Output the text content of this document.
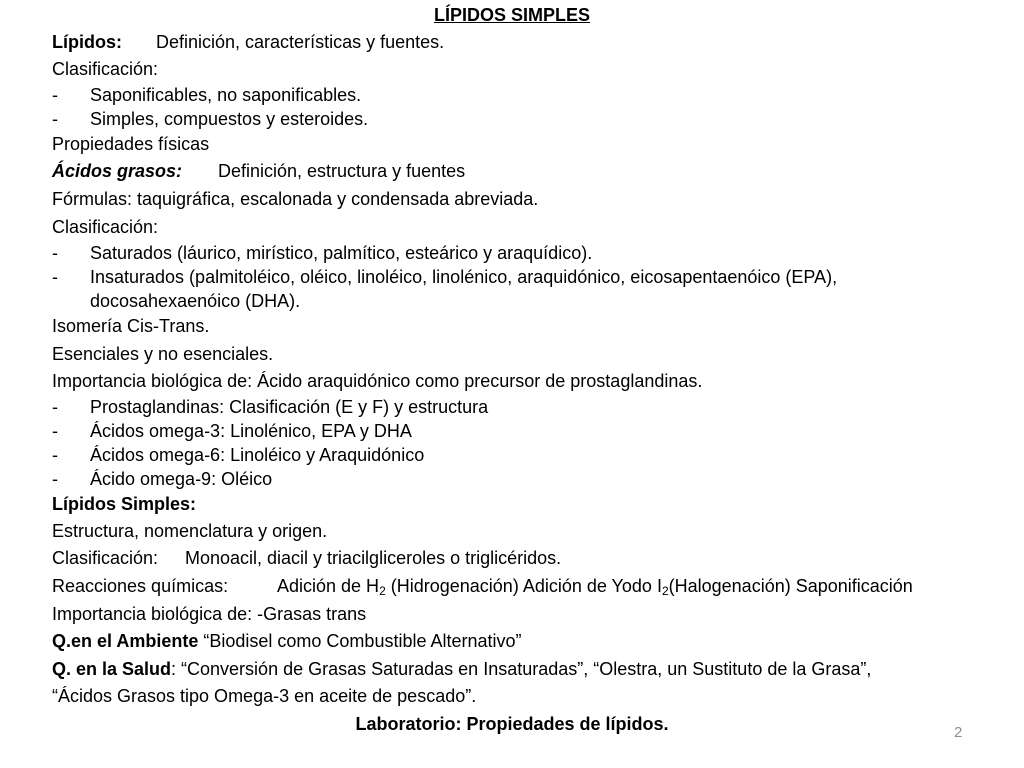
LÍPIDOS SIMPLES
Lípidos: Definición, características y fuentes.
Clasificación:
- Saponificables, no saponificables.
- Simples, compuestos y esteroides.
Propiedades físicas
Ácidos grasos: Definición, estructura y fuentes
Fórmulas: taquigráfica, escalonada y condensada abreviada.
Clasificación:
- Saturados (láurico, mirístico, palmítico, esteárico y araquídico).
- Insaturados (palmitoléico, oléico, linoléico, linolénico, araquidónico, eicosapentaenóico (EPA),
docosahexaenóico (DHA).
Isomería Cis-Trans.
Esenciales y no esenciales.
Importancia biológica de: Ácido araquidónico como precursor de prostaglandinas.
- Prostaglandinas: Clasificación (E y F) y estructura
- Ácidos omega-3: Linolénico, EPA y DHA
- Ácidos omega-6: Linoléico y Araquidónico
- Ácido omega-9: Oléico
Lípidos Simples:
Estructura, nomenclatura y origen.
Clasificación: Monoacil, diacil y triacilgliceroles o triglicéridos.
Reacciones químicas:	Adición de $H_2$ (Hidrogenación) Adición de Yodo $I_2(Halogenación)$ Saponificación
Importancia biológica de: -Grasas trans
Q.en el Ambiente “Biodisel como Combustible Alternativo”
Q. en la Salud: “Conversión de Grasas Saturadas en Insaturadas”, “Olestra, un Sustituto de la Grasa”,
“Ácidos Grasos tipo Omega-3 en aceite de pescado”.
Laboratorio: Propiedades de lípidos.	2
